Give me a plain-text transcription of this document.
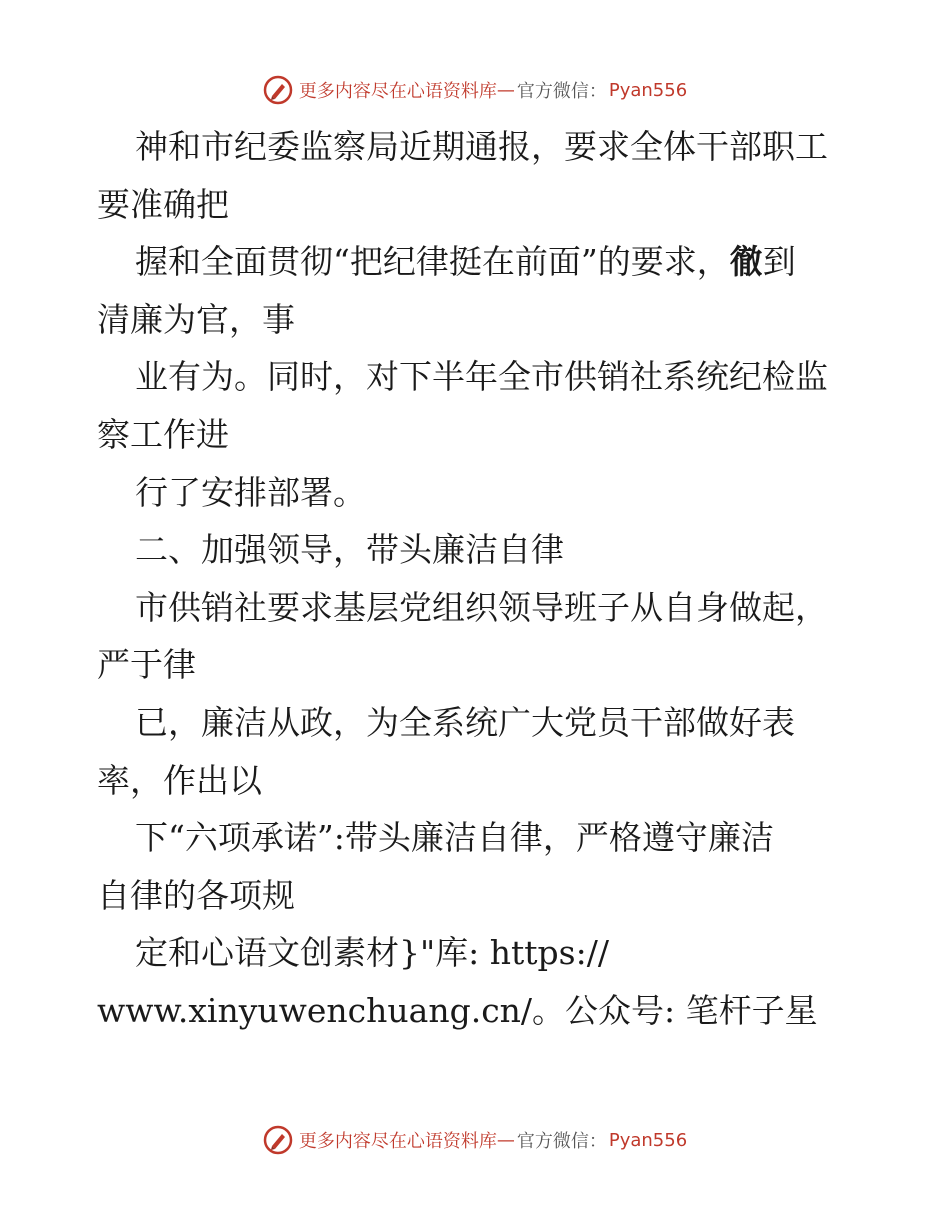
更多内容尽在心语资料库 — 官方微信： Pyan556
神和市纪委监察局近期通报，要求全体干部职工
要准确把
握和全面贯彻“把纪律挺在前面”的要求，徹到
清廉为官，事
业有为。同时，对下半年全市供销社系统纪检监
察工作进
行了安排部署。
二、加强领导，带头廉洁自律
市供销社要求基层党组织领导班子从自身做起，
严于律
已，廉洁从政，为全系统广大党员干部做好表
率，作出以
下“六项承诺”:带头廉洁自律，严格遵守廉洁
自律的各项规
定和心语文创素材}"库: https://
www.xinyuwenchuang.cn/。公众号: 笔杆子星
更多内容尽在心语资料库 — 官方微信： Pyan556
